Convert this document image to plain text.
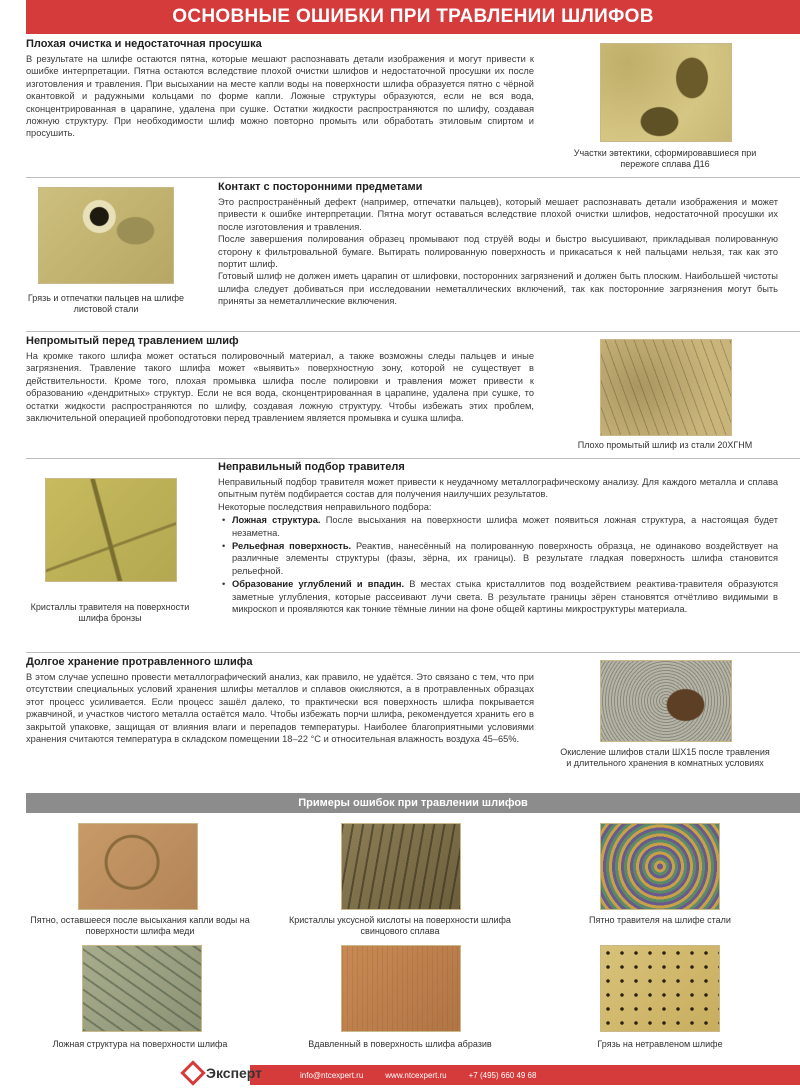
ОСНОВНЫЕ ОШИБКИ ПРИ ТРАВЛЕНИИ ШЛИФОВ
Плохая очистка и недостаточная просушка

В результате на шлифе остаются пятна, которые мешают распознавать детали изображения и могут привести к ошибке интерпретации. Пятна остаются вследствие плохой очистки шлифов и недостаточной просушки их после изготовления и травления. При высыхании на месте капли воды на поверхности шлифа образуется пятно с чёрной окантовкой и радужными кольцами по форме капли. Ложные структуры образуются, если не вся вода, сконцентрированная в царапине, удалена при сушке. Остатки жидкости распространяются по шлифу, создавая ложную структуру. При необходимости шлиф можно повторно промыть или обработать этиловым спиртом и просушить.

Участки эвтектики, сформировавшиеся при пережоге сплава Д16
Грязь и отпечатки пальцев на шлифе листовой стали
Контакт с посторонними предметами

Это распространённый дефект (например, отпечатки пальцев), который мешает распознавать детали изображения и может привести к ошибке интерпретации. Пятна могут оставаться вследствие плохой очистки шлифов, недостаточной просушки их после изготовления и травления.

После завершения полирования образец промывают под струёй воды и быстро высушивают, прикладывая полированную сторону к фильтровальной бумаге. Вытирать полированную поверхность и прикасаться к ней пальцами нельзя, так как это портит шлиф.

Готовый шлиф не должен иметь царапин от шлифовки, посторонних загрязнений и должен быть плоским. Наибольшей чистоты шлифа следует добиваться при исследовании неметаллических включений, так как посторонние загрязнения могут быть приняты за неметаллические включения.

Непромытый перед травлением шлиф

На кромке такого шлифа может остаться полировочный материал, а также возможны следы пальцев и иные загрязнения. Травление такого шлифа может «выявить» поверхностную зону, которой не существует в действительности. Кроме того, плохая промывка шлифа после полировки и травления может привести к образованию «дендритных» структур. Если не вся вода, сконцентрированная в царапине, удалена при сушке, то остатки жидкости распространяются по шлифу, создавая ложную структуру. Чтобы избежать этих проблем, заключительной операцией пробоподготовки перед травлением является промывка и сушка шлифа.

Плохо промытый шлиф из стали 20ХГНМ
Кристаллы травителя на поверхности шлифа бронзы
Неправильный подбор травителя

Неправильный подбор травителя может привести к неудачному металлографическому анализу. Для каждого металла и сплава опытным путём подбирается состав для получения наилучших результатов.

Некоторые последствия неправильного подбора:

• Ложная структура. После высыхания на поверхности шлифа может появиться ложная структура, а настоящая будет незаметна.
• Рельефная поверхность. Реактив, нанесённый на полированную поверхность образца, не одинаково воздействует на различные элементы структуры (фазы, зёрна, их границы). В результате гладкая поверхность шлифа становится рельефной.
• Образование углублений и впадин. В местах стыка кристаллитов под воздействием реактива-травителя образуются заметные углубления, которые рассеивают лучи света. В результате границы зёрен становятся отчётливо видимыми в микроскоп и проявляются как тонкие тёмные линии на фоне общей картины микроструктуры материала.
Долгое хранение протравленного шлифа

В этом случае успешно провести металлографический анализ, как правило, не удаётся. Это связано с тем, что при отсутствии специальных условий хранения шлифы металлов и сплавов окисляются, а в протравленных образцах этот процесс усиливается. Если процесс зашёл далеко, то практически вся поверхность шлифа покрывается ржавчиной, и участков чистого металла остаётся мало. Чтобы избежать порчи шлифа, рекомендуется хранить его в закрытой упаковке, защищая от влияния влаги и перепадов температуры. Наиболее благоприятными условиями хранения считаются температура в складском помещении 18–22 °С и относительная влажность воздуха 45–65%.

Окисление шлифов стали ШХ15 после травления и длительного хранения в комнатных условиях
Примеры ошибок при травлении шлифов
Пятно, оставшееся после высыхания капли воды на поверхности шлифа меди
Кристаллы уксусной кислоты на поверхности шлифа свинцового сплава
Пятно травителя на шлифе стали
Ложная структура на поверхности шлифа	Вдавленный в поверхность шлифа абразив	Грязь на нетравленом шлифе
info@ntcexpert.ru	www.ntcexpert.ru	+7 (495) 660 49 68
Эксперт
